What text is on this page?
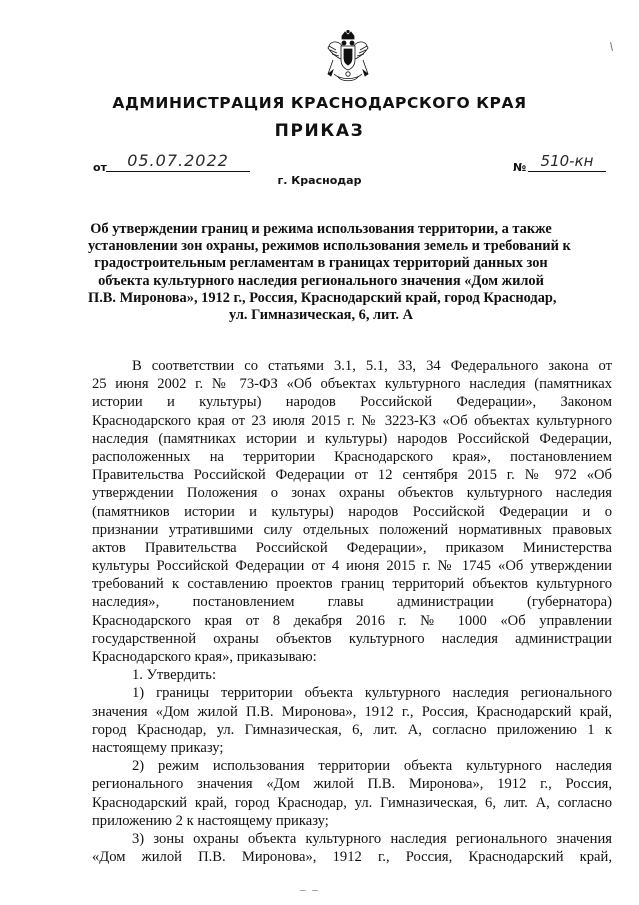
АДМИНИСТРАЦИЯ КРАСНОДАРСКОГО КРАЯ
ПРИКАЗ
от	05.07.2022	№ 510-кн
г. Краснодар
Об утверждении границ и режима использования территории, а также
установлении зон охраны, режимов использования земель и требований к
градостроительным регламентам в границах территорий данных зон
объекта культурного наследия регионального значения «Дом жилой
П.В. Миронова», 1912 г., Россия, Краснодарский край, город Краснодар,
ул. Гимназическая, 6, лит. А
В соответствии со статьями 3.1, 5.1, 33, 34 Федерального закона от
25 июня 2002 г. № 73-ФЗ «Об объектах культурного наследия (памятниках
истории и культуры) народов Российской Федерации», Законом
Краснодарского края от 23 июля 2015 г. № 3223-КЗ «Об объектах культурного
наследия (памятниках истории и культуры) народов Российской Федерации,
расположенных на территории Краснодарского края», постановлением
Правительства Российской Федерации от 12 сентября 2015 г. № 972 «Об
утверждении Положения о зонах охраны объектов культурного наследия
(памятников истории и культуры) народов Российской Федерации и о
признании утратившими силу отдельных положений нормативных правовых
актов Правительства Российской Федерации», приказом Министерства
культуры Российской Федерации от 4 июня 2015 г. № 1745 «Об утверждении
требований к составлению проектов границ территорий объектов культурного
наследия», постановлением главы администрации (губернатора)
Краснодарского края от 8 декабря 2016 г. № 1000 «Об управлении
государственной охраны объектов культурного наследия администрации
Краснодарского края», приказываю:
1. Утвердить:
1) границы территории объекта культурного наследия регионального
значения «Дом жилой П.В. Миронова», 1912 г., Россия, Краснодарский край,
город Краснодар, ул. Гимназическая, 6, лит. А, согласно приложению 1 к
настоящему приказу;
2) режим использования территории объекта культурного наследия
регионального значения «Дом жилой П.В. Миронова», 1912 г., Россия,
Краснодарский край, город Краснодар, ул. Гимназическая, 6, лит. А, согласно
приложению 2 к настоящему приказу;
3) зоны охраны объекта культурного наследия регионального значения
«Дом жилой П.В. Миронова», 1912 г., Россия, Краснодарский край,
– –
